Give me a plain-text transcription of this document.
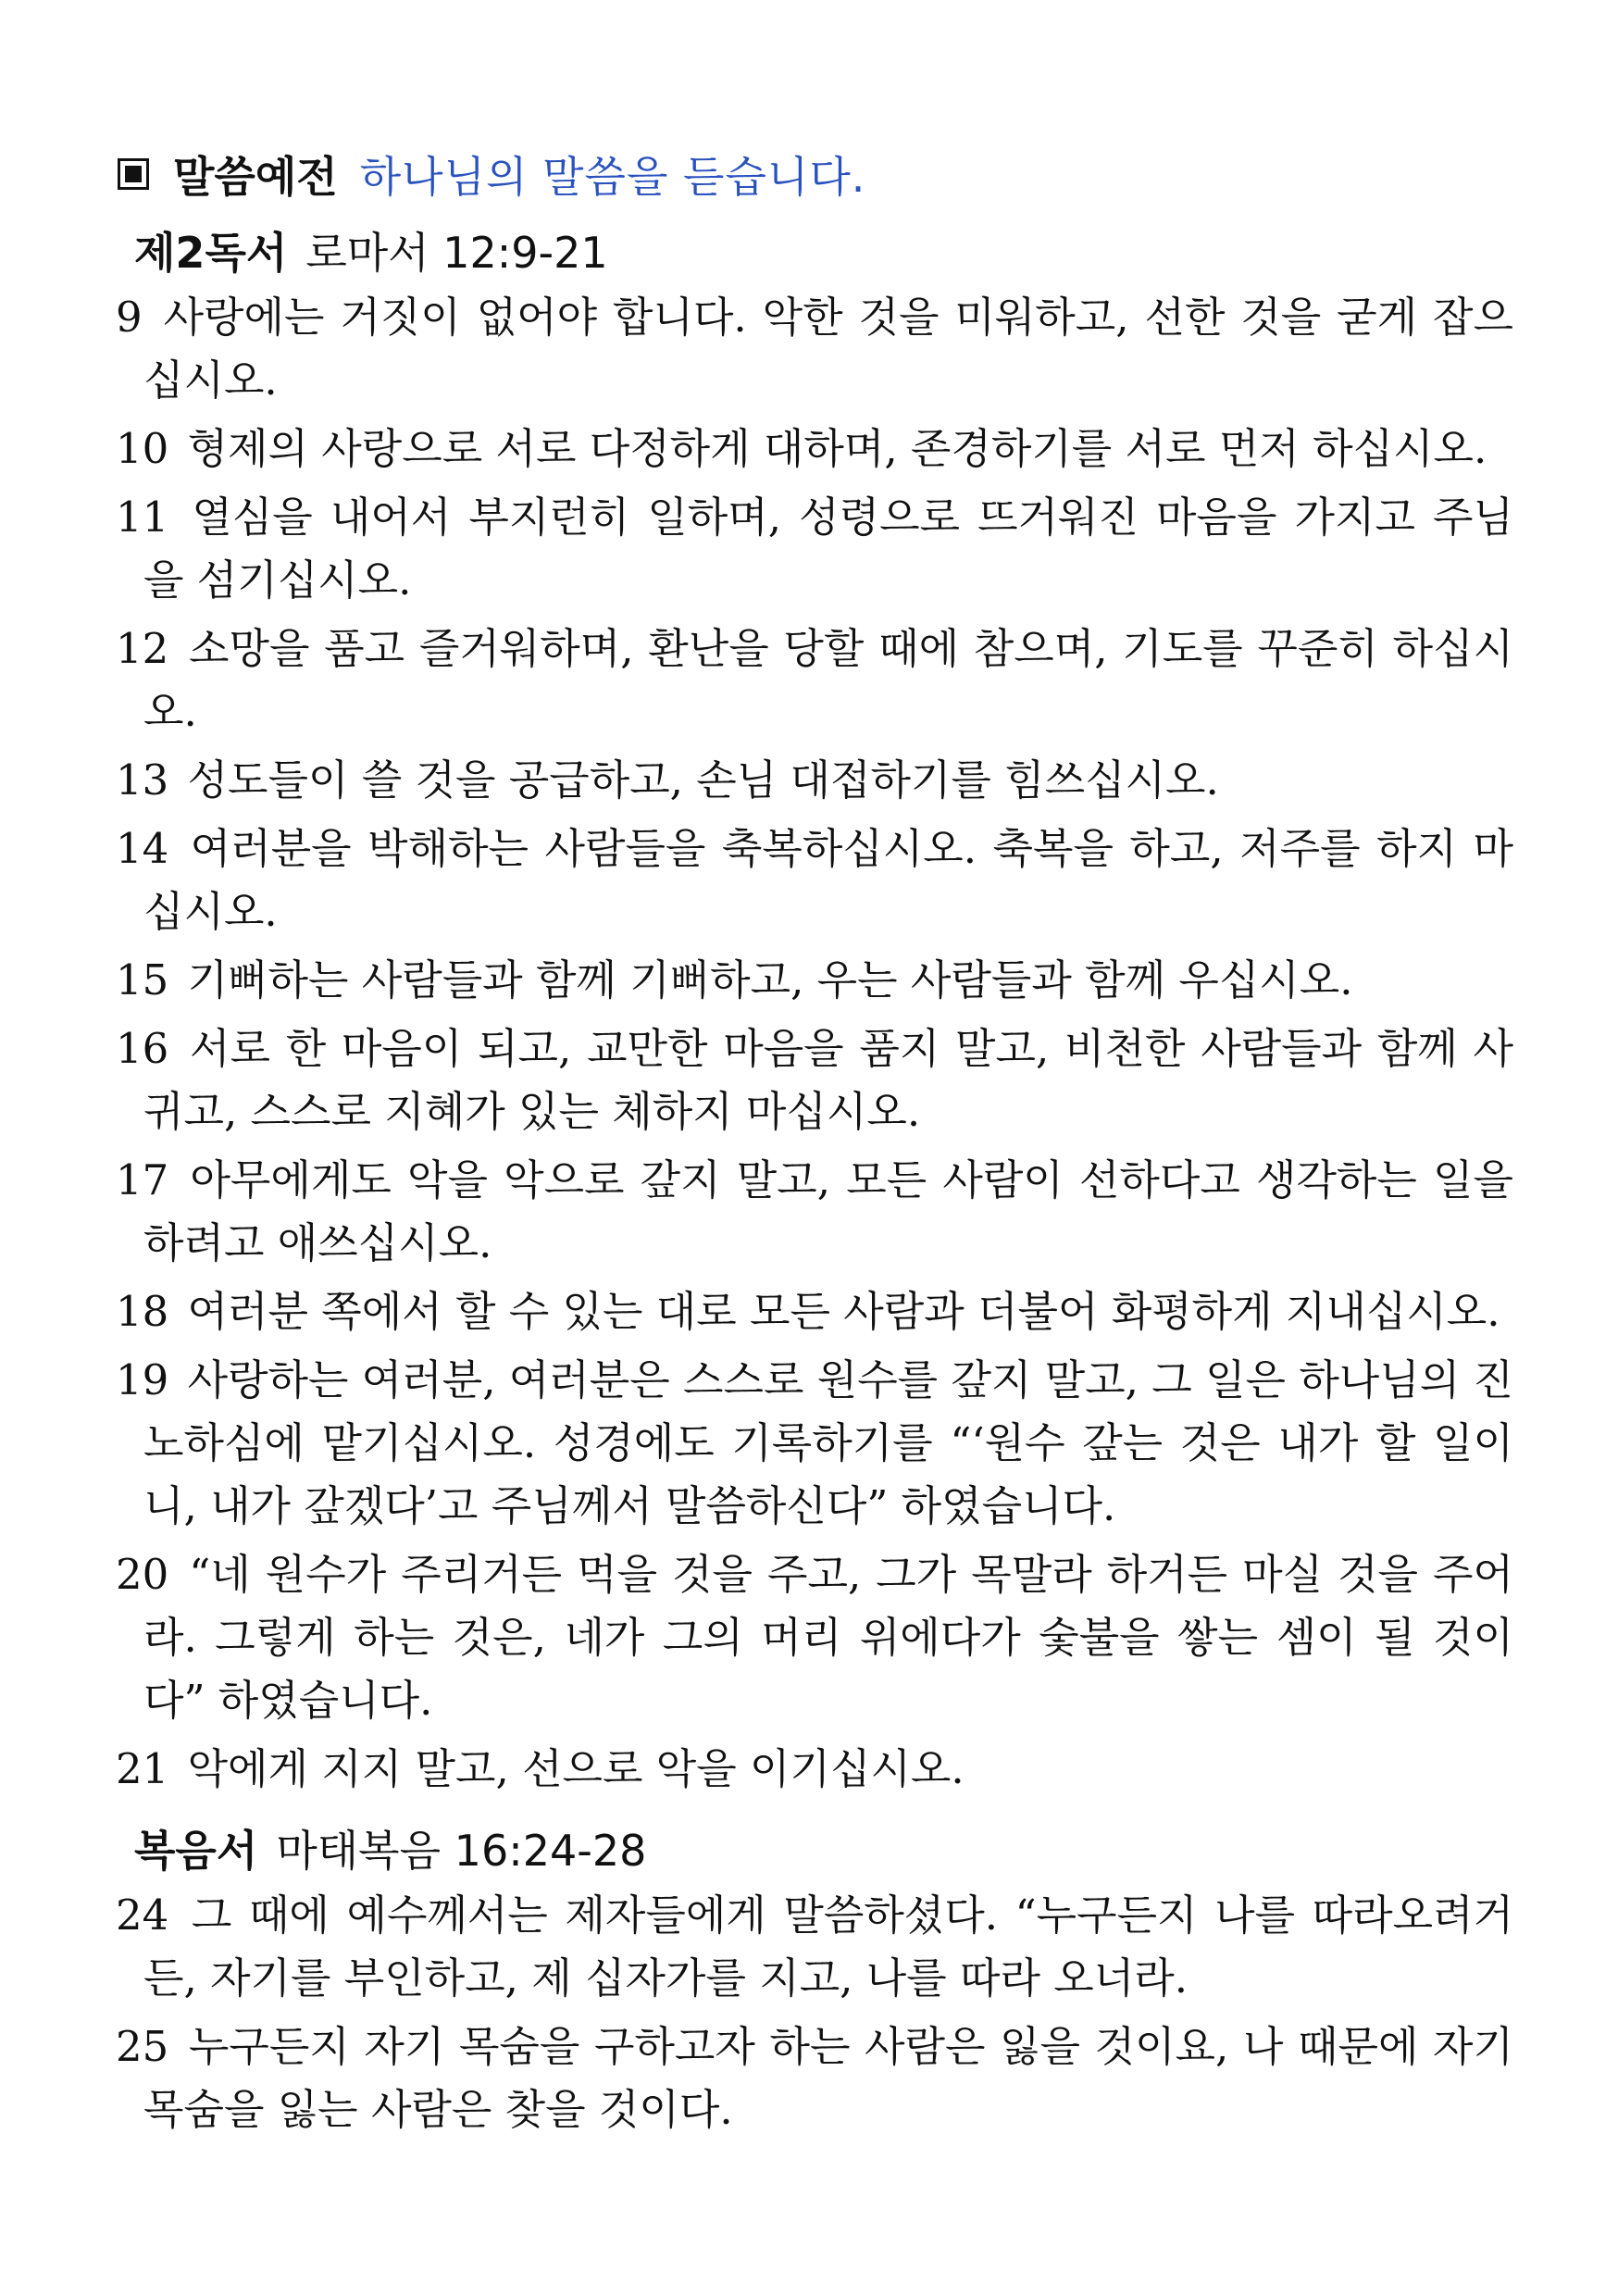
말씀예전 하나님의 말씀을 듣습니다.
제2독서 로마서 12:9-21
9 사랑에는 거짓이 없어야 합니다. 악한 것을 미워하고, 선한 것을 굳게 잡으십시오.
10 형제의 사랑으로 서로 다정하게 대하며, 존경하기를 서로 먼저 하십시오.
11 열심을 내어서 부지런히 일하며, 성령으로 뜨거워진 마음을 가지고 주님을 섬기십시오.
12 소망을 품고 즐거워하며, 환난을 당할 때에 참으며, 기도를 꾸준히 하십시오.
13 성도들이 쓸 것을 공급하고, 손님 대접하기를 힘쓰십시오.
14 여러분을 박해하는 사람들을 축복하십시오. 축복을 하고, 저주를 하지 마십시오.
15 기뻐하는 사람들과 함께 기뻐하고, 우는 사람들과 함께 우십시오.
16 서로 한 마음이 되고, 교만한 마음을 품지 말고, 비천한 사람들과 함께 사귀고, 스스로 지혜가 있는 체하지 마십시오.
17 아무에게도 악을 악으로 갚지 말고, 모든 사람이 선하다고 생각하는 일을 하려고 애쓰십시오.
18 여러분 쪽에서 할 수 있는 대로 모든 사람과 더불어 화평하게 지내십시오.
19 사랑하는 여러분, 여러분은 스스로 원수를 갚지 말고, 그 일은 하나님의 진노하심에 맡기십시오. 성경에도 기록하기를 “‘원수 갚는 것은 내가 할 일이니, 내가 갚겠다’고 주님께서 말씀하신다” 하였습니다.
20 “네 원수가 주리거든 먹을 것을 주고, 그가 목말라 하거든 마실 것을 주어라. 그렇게 하는 것은, 네가 그의 머리 위에다가 숯불을 쌓는 셈이 될 것이다” 하였습니다.
21 악에게 지지 말고, 선으로 악을 이기십시오.
복음서 마태복음 16:24-28
24 그 때에 예수께서는 제자들에게 말씀하셨다. “누구든지 나를 따라오려거든, 자기를 부인하고, 제 십자가를 지고, 나를 따라 오너라.
25 누구든지 자기 목숨을 구하고자 하는 사람은 잃을 것이요, 나 때문에 자기 목숨을 잃는 사람은 찾을 것이다.
